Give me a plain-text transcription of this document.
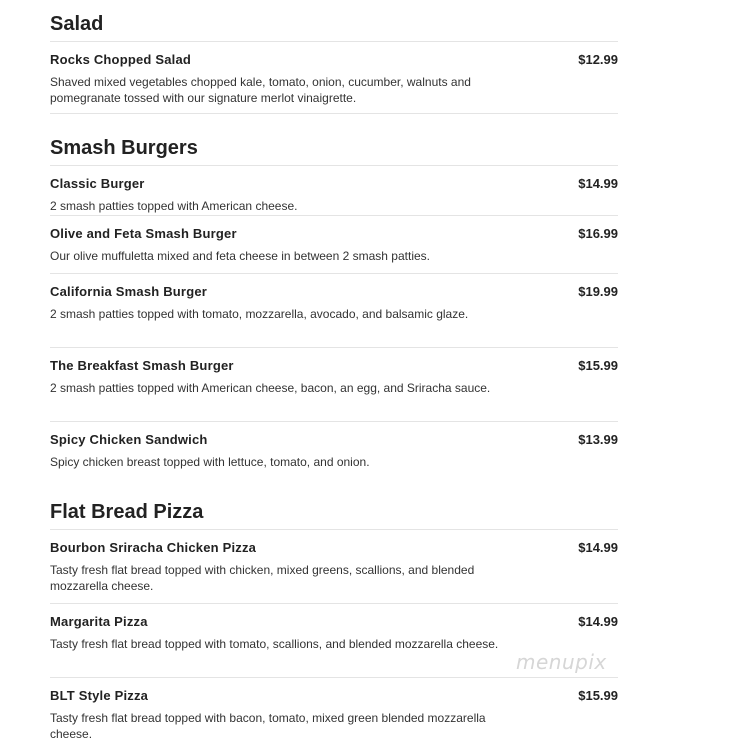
Salad
Rocks Chopped Salad	$12.99
Shaved mixed vegetables chopped kale, tomato, onion, cucumber, walnuts and pomegranate tossed with our signature merlot vinaigrette.
Smash Burgers
Classic Burger	$14.99
2 smash patties topped with American cheese.
Olive and Feta Smash Burger	$16.99
Our olive muffuletta mixed and feta cheese in between 2 smash patties.
California Smash Burger	$19.99
2 smash patties topped with tomato, mozzarella, avocado, and balsamic glaze.
The Breakfast Smash Burger	$15.99
2 smash patties topped with American cheese, bacon, an egg, and Sriracha sauce.
Spicy Chicken Sandwich	$13.99
Spicy chicken breast topped with lettuce, tomato, and onion.
Flat Bread Pizza
Bourbon Sriracha Chicken Pizza	$14.99
Tasty fresh flat bread topped with chicken, mixed greens, scallions, and blended mozzarella cheese.
Margarita Pizza	$14.99
Tasty fresh flat bread topped with tomato, scallions, and blended mozzarella cheese.
BLT Style Pizza	$15.99
Tasty fresh flat bread topped with bacon, tomato, mixed green blended mozzarella cheese.
menupix
